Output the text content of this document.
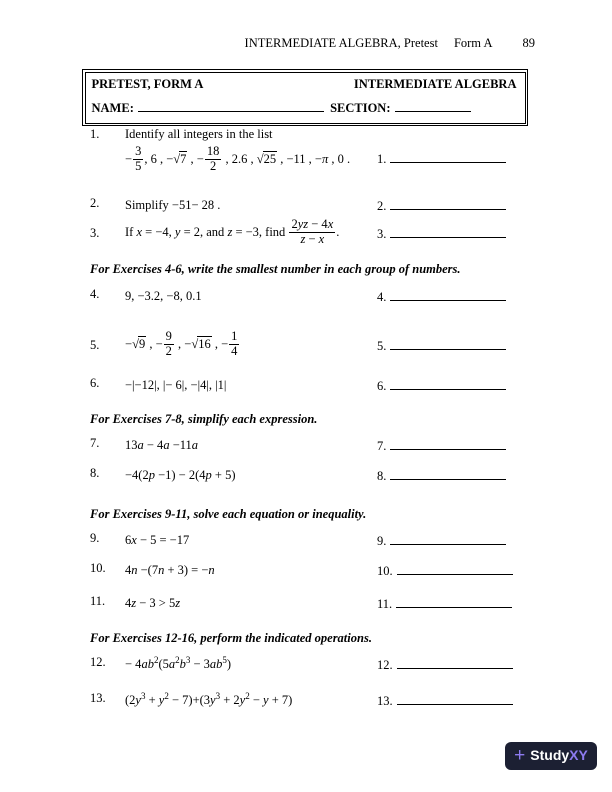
INTERMEDIATE ALGEBRA, Pretest Form A 89
PRETEST, FORM A	INTERMEDIATE ALGEBRA
NAME:	SECTION:
1.	Identify all integers in the list
− $\frac{3}{5}$ , 6 , −√7 , − $\frac{18}{2}$ , 2.6 , √25 , −11 , −π , 0 .	1.
2.	Simplify −51− 28 .	2.
3.	If x = −4, y = 2, and z = −3, find $\frac{2yz - 4x}{z - x}$ .	3.
For Exercises 4-6, write the smallest number in each group of numbers.
4.	9, −3.2, −8, 0.1	4.
5.	−√9 , − $\frac{9}{2}$ , −√16 , − $\frac{1}{4}$	5.
6.	−|−12|, |− 6|, −|4|, |1|	6.
For Exercises 7-8, simplify each expression.
7.	13a − 4a −11a	7.
8.	−4(2p −1) − 2(4p + 5)	8.
For Exercises 9-11, solve each equation or inequality.
9.	6x − 5 = −17	9.
10.	4n −(7n + 3) = −n	10.
11.	4z − 3 > 5z	11.
For Exercises 12-16, perform the indicated operations.
12.	− $4ab^2(5a^2b^3 - 3ab^5)$	12.
13.	$(2y^3 + y^2 - 7)+(3y^3 + 2y^2 - y + 7)$	13.
+ StudyXY
